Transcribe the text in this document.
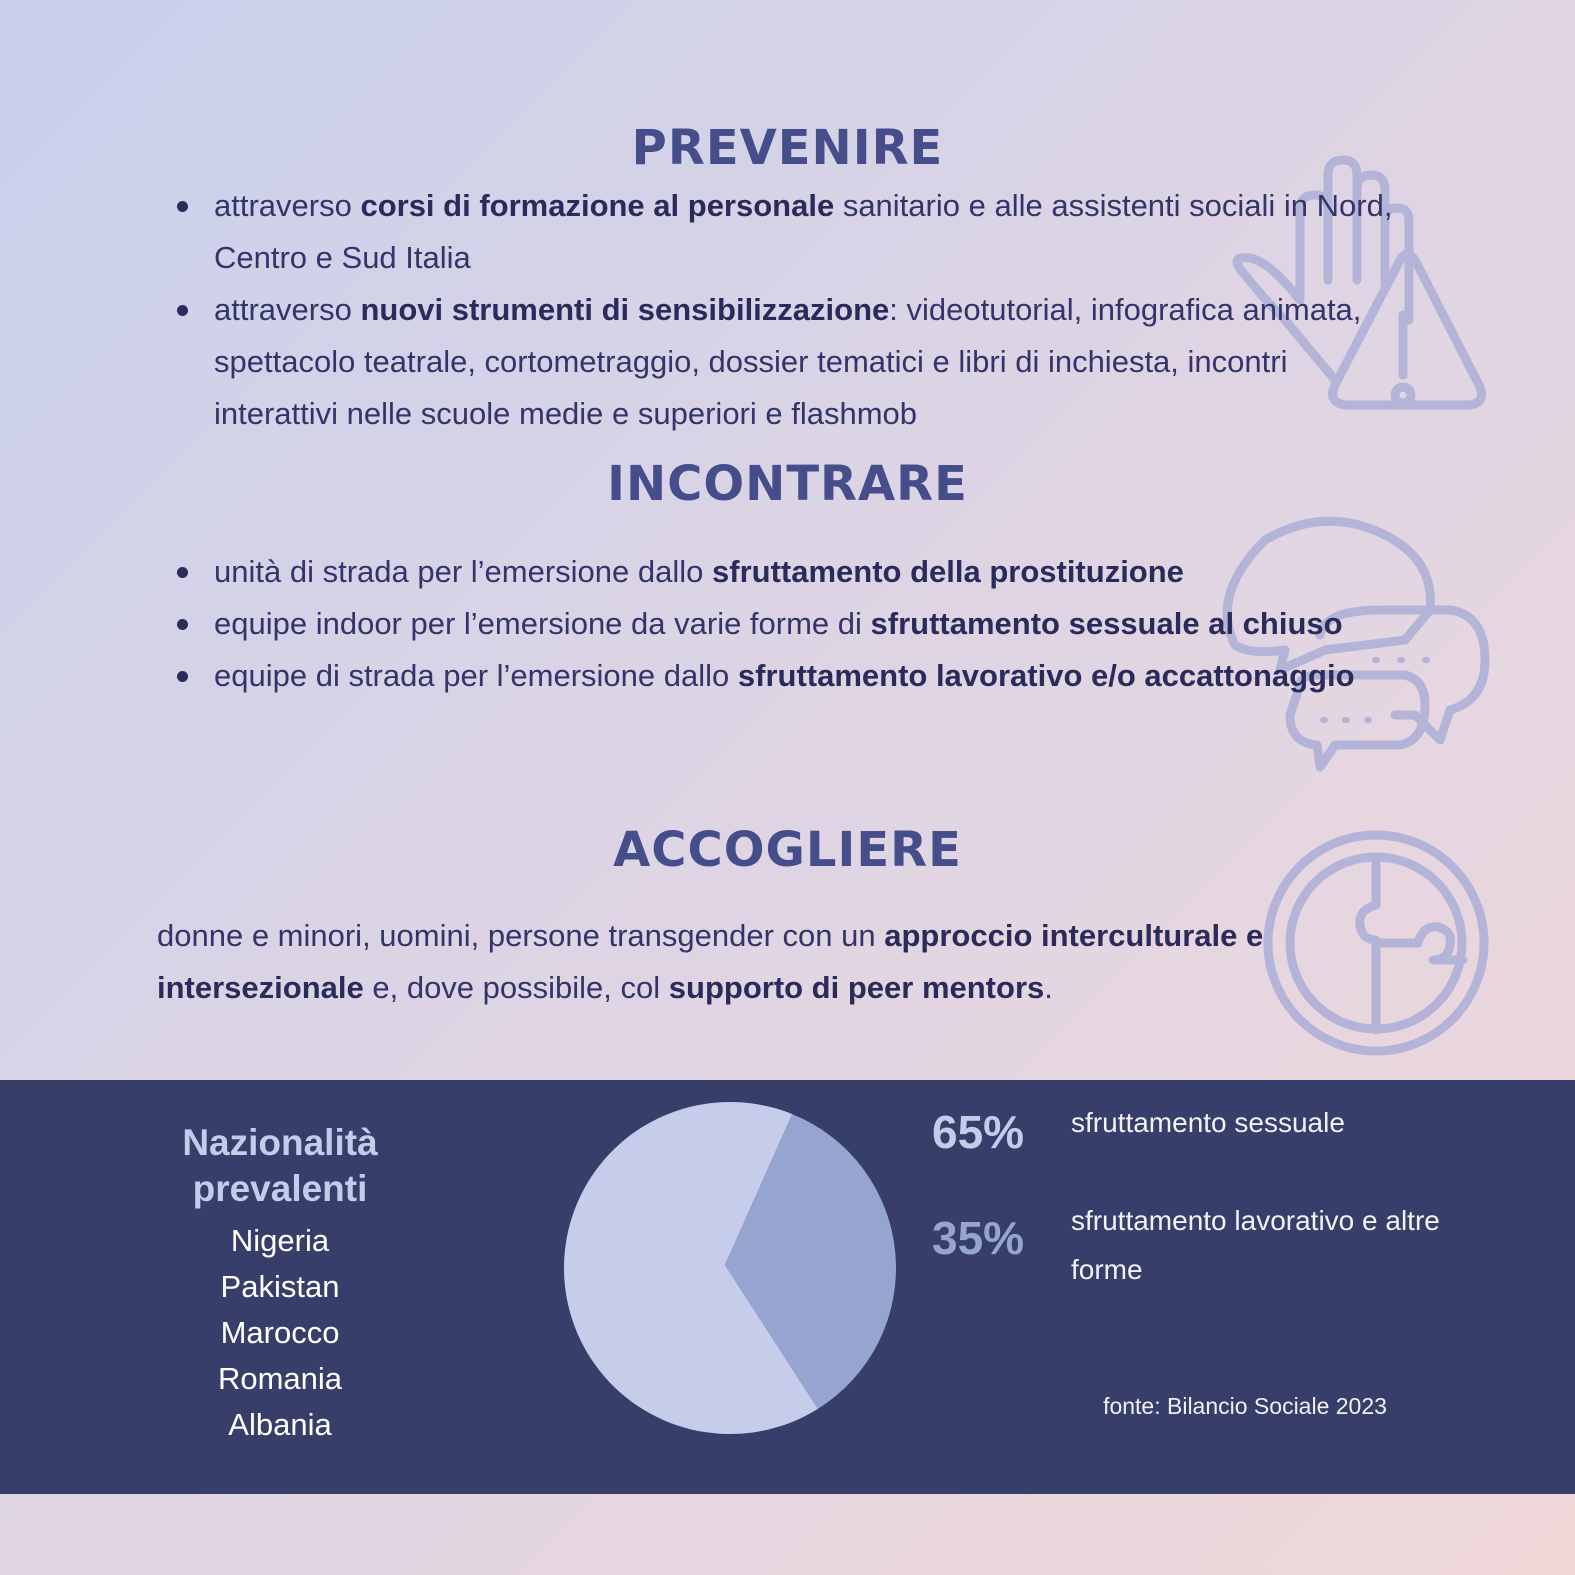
PREVENIRE
attraverso corsi di formazione al personale sanitario e alle assistenti sociali in Nord, Centro e Sud Italia
attraverso nuovi strumenti di sensibilizzazione: videotutorial, infografica animata, spettacolo teatrale, cortometraggio, dossier tematici e libri di inchiesta, incontri interattivi nelle scuole medie e superiori e flashmob
INCONTRARE
unità di strada per l’emersione dallo sfruttamento della prostituzione
equipe indoor per l’emersione da varie forme di sfruttamento sessuale al chiuso
equipe di strada per l’emersione dallo sfruttamento lavorativo e/o accattonaggio
ACCOGLIERE

donne e minori, uomini, persone transgender con un approccio interculturale e intersezionale e, dove possibile, col supporto di peer mentors.

Nazionalità
prevalenti
Nigeria
Pakistan
Marocco
Romania
Albania
65% sfruttamento sessuale
35% sfruttamento lavorativo e altre forme
fonte: Bilancio Sociale 2023
